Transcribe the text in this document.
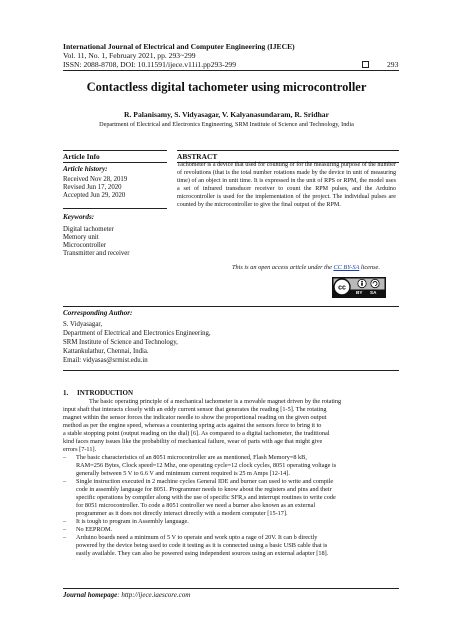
International Journal of Electrical and Computer Engineering (IJECE)
Vol. 11, No. 1, February 2021, pp. 293~299
ISSN: 2088-8708, DOI: 10.11591/ijece.v11i1.pp293-299	293
Contactless digital tachometer using microcontroller
R. Palanisamy, S. Vidyasagar, V. Kalyanasundaram, R. Sridhar
Department of Electrical and Electronics Engineering, SRM Institute of Science and Technology, India
Article Info
Article history:
Received Nov 28, 2019
Revised Jun 17, 2020
Accepted Jun 29, 2020
Keywords:
Digital tachometer
Memory unit
Microcontroller
Transmitter and receiver
ABSTRACT
Tachometer is a device that used for counting or for the measuring purpose of the number of revolutions (that is the total number rotations made by the device in unit of measuring time) of an object in unit time. It is expressed in the unit of RPS or RPM, the model uses a set of infrared transducer receiver to count the RPM pulses, and the Arduino microcontroller is used for the implementation of the project. The individual pulses are counted by the microcontroller to give the final output of the RPM.
This is an open access article under the CC BY-SA license.
cc
BY SA
Corresponding Author:
S. Vidyasagar,
Department of Electrical and Electronics Engineering,
SRM Institute of Science and Technology,
Kattankulathur, Chennai, India.
Email: vidyasas@srmist.edu.in
1.     INTRODUCTION
The basic operating principle of a mechanical tachometer is a movable magnet driven by the rotating
input shaft that interacts closely with an eddy current sensor that generates the reading [1-5]. The rotating
magnet within the sensor forces the indicator needle to show the proportional reading on the given output
method as per the engine speed, whereas a countering spring acts against the sensors force to bring it to
a stable stopping point (output reading on the dial) [6]. As compared to a digital tachometer, the traditional
kind faces many issues like the probability of mechanical failure, wear of parts with age that might give
errors [7-11].
– The basic characteristics of an 8051 microcontroller are as mentioned, Flash Memory=8 kB,
RAM=256 Bytes, Clock speed=12 Mhz, one operating cycle=12 clock cycles, 8051 operating voltage is
generally between 5 V to 6.6 V and minimum current required is 25 m Amps [12-14].
– Single instruction executed in 2 machine cycles General IDE and burner can used to write and compile
code in assembly language for 8051. Programmer needs to know about the registers and pins and their
specific operations by compiler along with the use of specific SFR,s and interrupt routines to write code
for 8051 microcontroller. To code a 8051 controller we need a burner also known as an external
programmer as it does not directly interact directly with a modern computer [15-17].
– It is tough to program in Assembly language.
– No EEPROM.
– Arduino boards need a minimum of 5 V to operate and work upto a rage of 20V. It can b directly
powered by the device being used to code it testing as it is connected using a basic USB cable that is
easily available. They can also be powered using independent sources using an external adapter [18].
Journal homepage: http://ijece.iaescore.com
